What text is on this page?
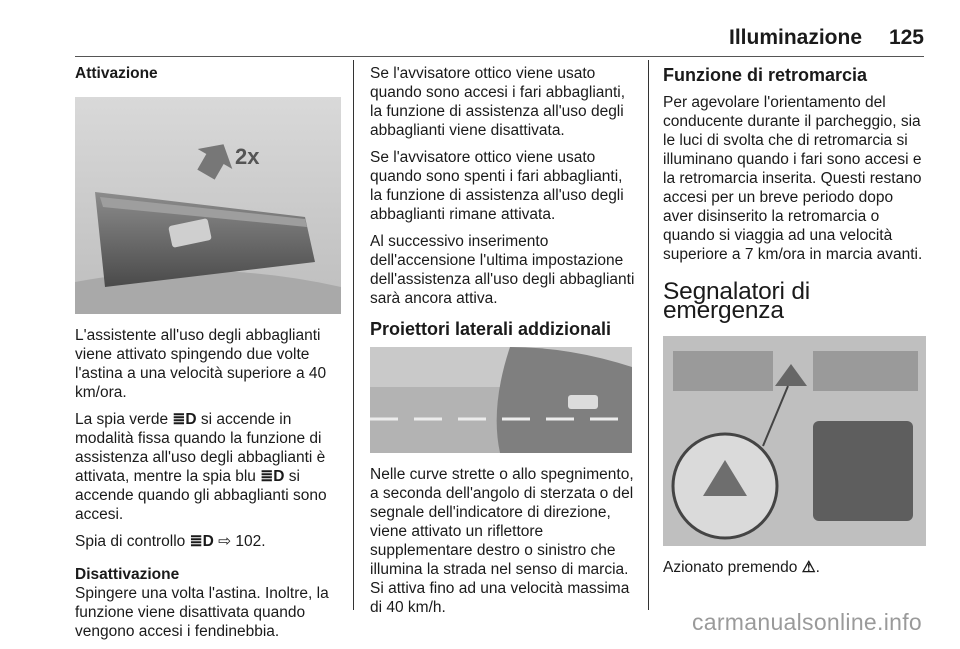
Illuminazione 125
Attivazione
2x

L'assistente all'uso degli abbaglianti viene attivato spingendo due volte l'astina a una velocità superiore a 40 km/ora.

La spia verde ≣D si accende in modalità fissa quando la funzione di assistenza all'uso degli abbaglianti è attivata, mentre la spia blu ≣D si accende quando gli abbaglianti sono accesi.

Spia di controllo ≣D ⇨ 102.

Disattivazione

Spingere una volta l'astina. Inoltre, la funzione viene disattivata quando vengono accesi i fendinebbia.

Se l'avvisatore ottico viene usato quando sono accesi i fari abbaglianti, la funzione di assistenza all'uso degli abbaglianti viene disattivata.

Se l'avvisatore ottico viene usato quando sono spenti i fari abbaglianti, la funzione di assistenza all'uso degli abbaglianti rimane attivata.

Al successivo inserimento dell'accensione l'ultima impostazione dell'assistenza all'uso degli abbaglianti sarà ancora attiva.

Proiettori laterali addizionali

Nelle curve strette o allo spegnimento, a seconda dell'angolo di sterzata o del segnale dell'indicatore di direzione, viene attivato un riflettore supplementare destro o sinistro che illumina la strada nel senso di marcia. Si attiva fino ad una velocità massima di 40 km/h.

Funzione di retromarcia

Per agevolare l'orientamento del conducente durante il parcheggio, sia le luci di svolta che di retromarcia si illuminano quando i fari sono accesi e la retromarcia inserita. Questi restano accesi per un breve periodo dopo aver disinserito la retromarcia o quando si viaggia ad una velocità superiore a 7 km/ora in marcia avanti.

Segnalatori di emergenza

Azionato premendo ⚠.

carmanualsonline.info
